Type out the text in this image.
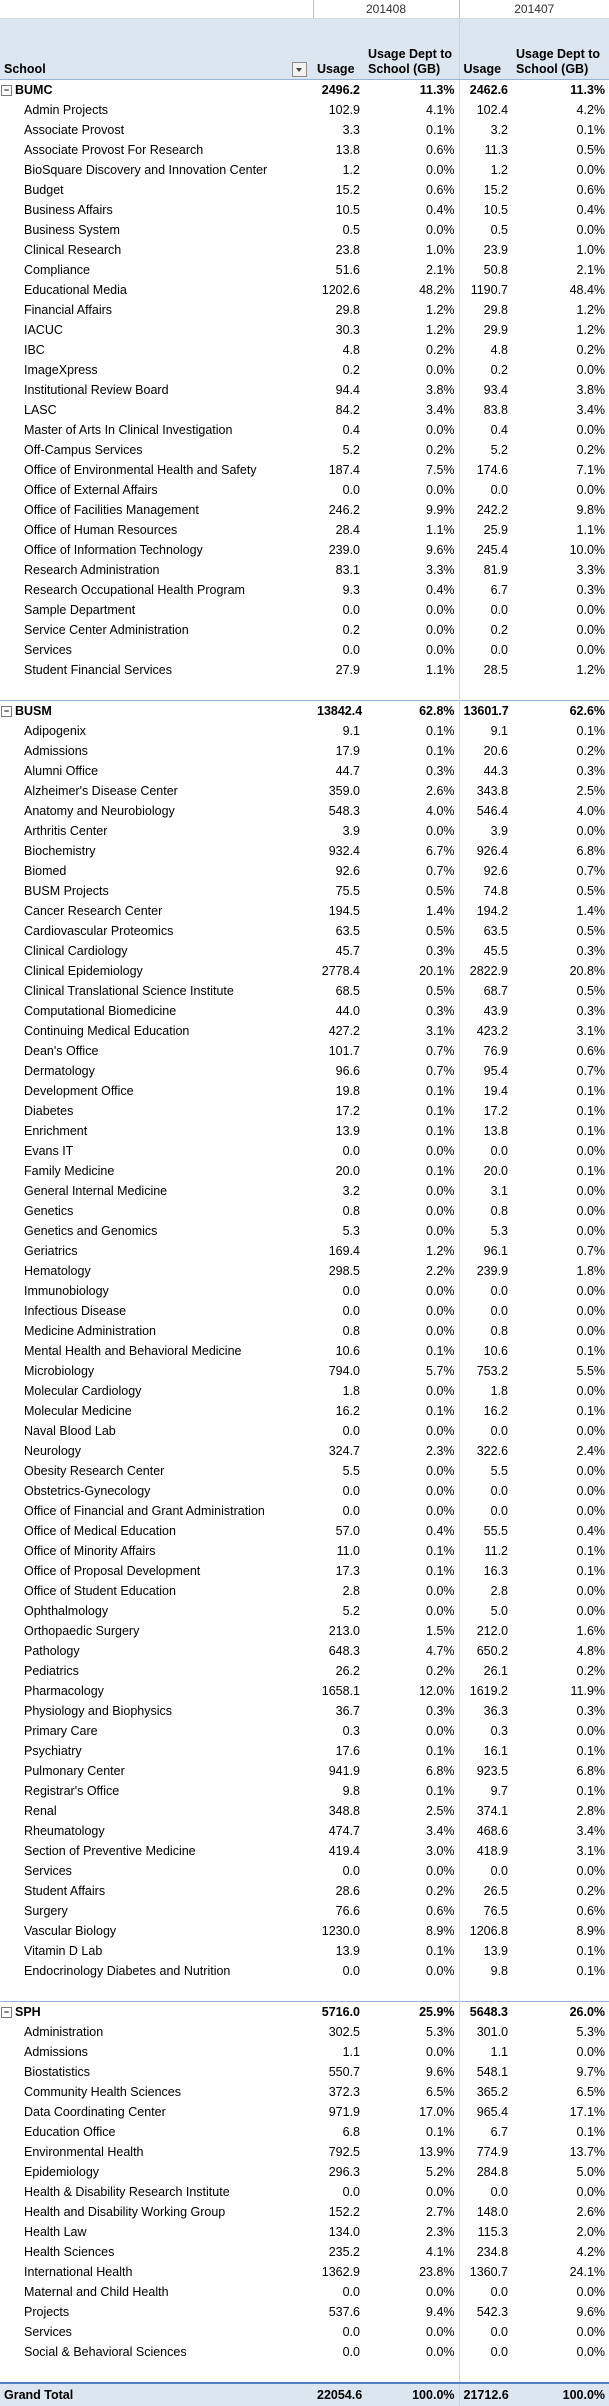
	201408		201407	

School	Usage	Usage Dept to School (GB)	Usage	Usage Dept to School (GB)
− BUMC	2496.2	11.3%	2462.6	11.3%
Admin Projects	102.9	4.1%	102.4	4.2%
Associate Provost	3.3	0.1%	3.2	0.1%
Associate Provost For Research	13.8	0.6%	11.3	0.5%
BioSquare Discovery and Innovation Center	1.2	0.0%	1.2	0.0%
Budget	15.2	0.6%	15.2	0.6%
Business Affairs	10.5	0.4%	10.5	0.4%
Business System	0.5	0.0%	0.5	0.0%
Clinical Research	23.8	1.0%	23.9	1.0%
Compliance	51.6	2.1%	50.8	2.1%
Educational Media	1202.6	48.2%	1190.7	48.4%
Financial Affairs	29.8	1.2%	29.8	1.2%
IACUC	30.3	1.2%	29.9	1.2%
IBC	4.8	0.2%	4.8	0.2%
ImageXpress	0.2	0.0%	0.2	0.0%
Institutional Review Board	94.4	3.8%	93.4	3.8%
LASC	84.2	3.4%	83.8	3.4%
Master of Arts In Clinical Investigation	0.4	0.0%	0.4	0.0%
Off-Campus Services	5.2	0.2%	5.2	0.2%
Office of Environmental Health and Safety	187.4	7.5%	174.6	7.1%
Office of External Affairs	0.0	0.0%	0.0	0.0%
Office of Facilities Management	246.2	9.9%	242.2	9.8%
Office of Human Resources	28.4	1.1%	25.9	1.1%
Office of Information Technology	239.0	9.6%	245.4	10.0%
Research Administration	83.1	3.3%	81.9	3.3%
Research Occupational Health Program	9.3	0.4%	6.7	0.3%
Sample Department	0.0	0.0%	0.0	0.0%
Service Center Administration	0.2	0.0%	0.2	0.0%
Services	0.0	0.0%	0.0	0.0%
Student Financial Services	27.9	1.1%	28.5	1.2%

− BUSM	13842.4	62.8%	13601.7	62.6%
Adipogenix	9.1	0.1%	9.1	0.1%
Admissions	17.9	0.1%	20.6	0.2%
Alumni Office	44.7	0.3%	44.3	0.3%
Alzheimer's Disease Center	359.0	2.6%	343.8	2.5%
Anatomy and Neurobiology	548.3	4.0%	546.4	4.0%
Arthritis Center	3.9	0.0%	3.9	0.0%
Biochemistry	932.4	6.7%	926.4	6.8%
Biomed	92.6	0.7%	92.6	0.7%
BUSM Projects	75.5	0.5%	74.8	0.5%
Cancer Research Center	194.5	1.4%	194.2	1.4%
Cardiovascular Proteomics	63.5	0.5%	63.5	0.5%
Clinical Cardiology	45.7	0.3%	45.5	0.3%
Clinical Epidemiology	2778.4	20.1%	2822.9	20.8%
Clinical Translational Science Institute	68.5	0.5%	68.7	0.5%
Computational Biomedicine	44.0	0.3%	43.9	0.3%
Continuing Medical Education	427.2	3.1%	423.2	3.1%
Dean's Office	101.7	0.7%	76.9	0.6%
Dermatology	96.6	0.7%	95.4	0.7%
Development Office	19.8	0.1%	19.4	0.1%
Diabetes	17.2	0.1%	17.2	0.1%
Enrichment	13.9	0.1%	13.8	0.1%
Evans IT	0.0	0.0%	0.0	0.0%
Family Medicine	20.0	0.1%	20.0	0.1%
General Internal Medicine	3.2	0.0%	3.1	0.0%
Genetics	0.8	0.0%	0.8	0.0%
Genetics and Genomics	5.3	0.0%	5.3	0.0%
Geriatrics	169.4	1.2%	96.1	0.7%
Hematology	298.5	2.2%	239.9	1.8%
Immunobiology	0.0	0.0%	0.0	0.0%
Infectious Disease	0.0	0.0%	0.0	0.0%
Medicine Administration	0.8	0.0%	0.8	0.0%
Mental Health and Behavioral Medicine	10.6	0.1%	10.6	0.1%
Microbiology	794.0	5.7%	753.2	5.5%
Molecular Cardiology	1.8	0.0%	1.8	0.0%
Molecular Medicine	16.2	0.1%	16.2	0.1%
Naval Blood Lab	0.0	0.0%	0.0	0.0%
Neurology	324.7	2.3%	322.6	2.4%
Obesity Research Center	5.5	0.0%	5.5	0.0%
Obstetrics-Gynecology	0.0	0.0%	0.0	0.0%
Office of Financial and Grant Administration	0.0	0.0%	0.0	0.0%
Office of Medical Education	57.0	0.4%	55.5	0.4%
Office of Minority Affairs	11.0	0.1%	11.2	0.1%
Office of Proposal Development	17.3	0.1%	16.3	0.1%
Office of Student Education	2.8	0.0%	2.8	0.0%
Ophthalmology	5.2	0.0%	5.0	0.0%
Orthopaedic Surgery	213.0	1.5%	212.0	1.6%
Pathology	648.3	4.7%	650.2	4.8%
Pediatrics	26.2	0.2%	26.1	0.2%
Pharmacology	1658.1	12.0%	1619.2	11.9%
Physiology and Biophysics	36.7	0.3%	36.3	0.3%
Primary Care	0.3	0.0%	0.3	0.0%
Psychiatry	17.6	0.1%	16.1	0.1%
Pulmonary Center	941.9	6.8%	923.5	6.8%
Registrar's Office	9.8	0.1%	9.7	0.1%
Renal	348.8	2.5%	374.1	2.8%
Rheumatology	474.7	3.4%	468.6	3.4%
Section of Preventive Medicine	419.4	3.0%	418.9	3.1%
Services	0.0	0.0%	0.0	0.0%
Student Affairs	28.6	0.2%	26.5	0.2%
Surgery	76.6	0.6%	76.5	0.6%
Vascular Biology	1230.0	8.9%	1206.8	8.9%
Vitamin D Lab	13.9	0.1%	13.9	0.1%
Endocrinology Diabetes and Nutrition	0.0	0.0%	9.8	0.1%

− SPH	5716.0	25.9%	5648.3	26.0%
Administration	302.5	5.3%	301.0	5.3%
Admissions	1.1	0.0%	1.1	0.0%
Biostatistics	550.7	9.6%	548.1	9.7%
Community Health Sciences	372.3	6.5%	365.2	6.5%
Data Coordinating Center	971.9	17.0%	965.4	17.1%
Education Office	6.8	0.1%	6.7	0.1%
Environmental Health	792.5	13.9%	774.9	13.7%
Epidemiology	296.3	5.2%	284.8	5.0%
Health & Disability Research Institute	0.0	0.0%	0.0	0.0%
Health and Disability Working Group	152.2	2.7%	148.0	2.6%
Health Law	134.0	2.3%	115.3	2.0%
Health Sciences	235.2	4.1%	234.8	4.2%
International Health	1362.9	23.8%	1360.7	24.1%
Maternal and Child Health	0.0	0.0%	0.0	0.0%
Projects	537.6	9.4%	542.3	9.6%
Services	0.0	0.0%	0.0	0.0%
Social & Behavioral Sciences	0.0	0.0%	0.0	0.0%

Grand Total	22054.6	100.0%	21712.6	100.0%
